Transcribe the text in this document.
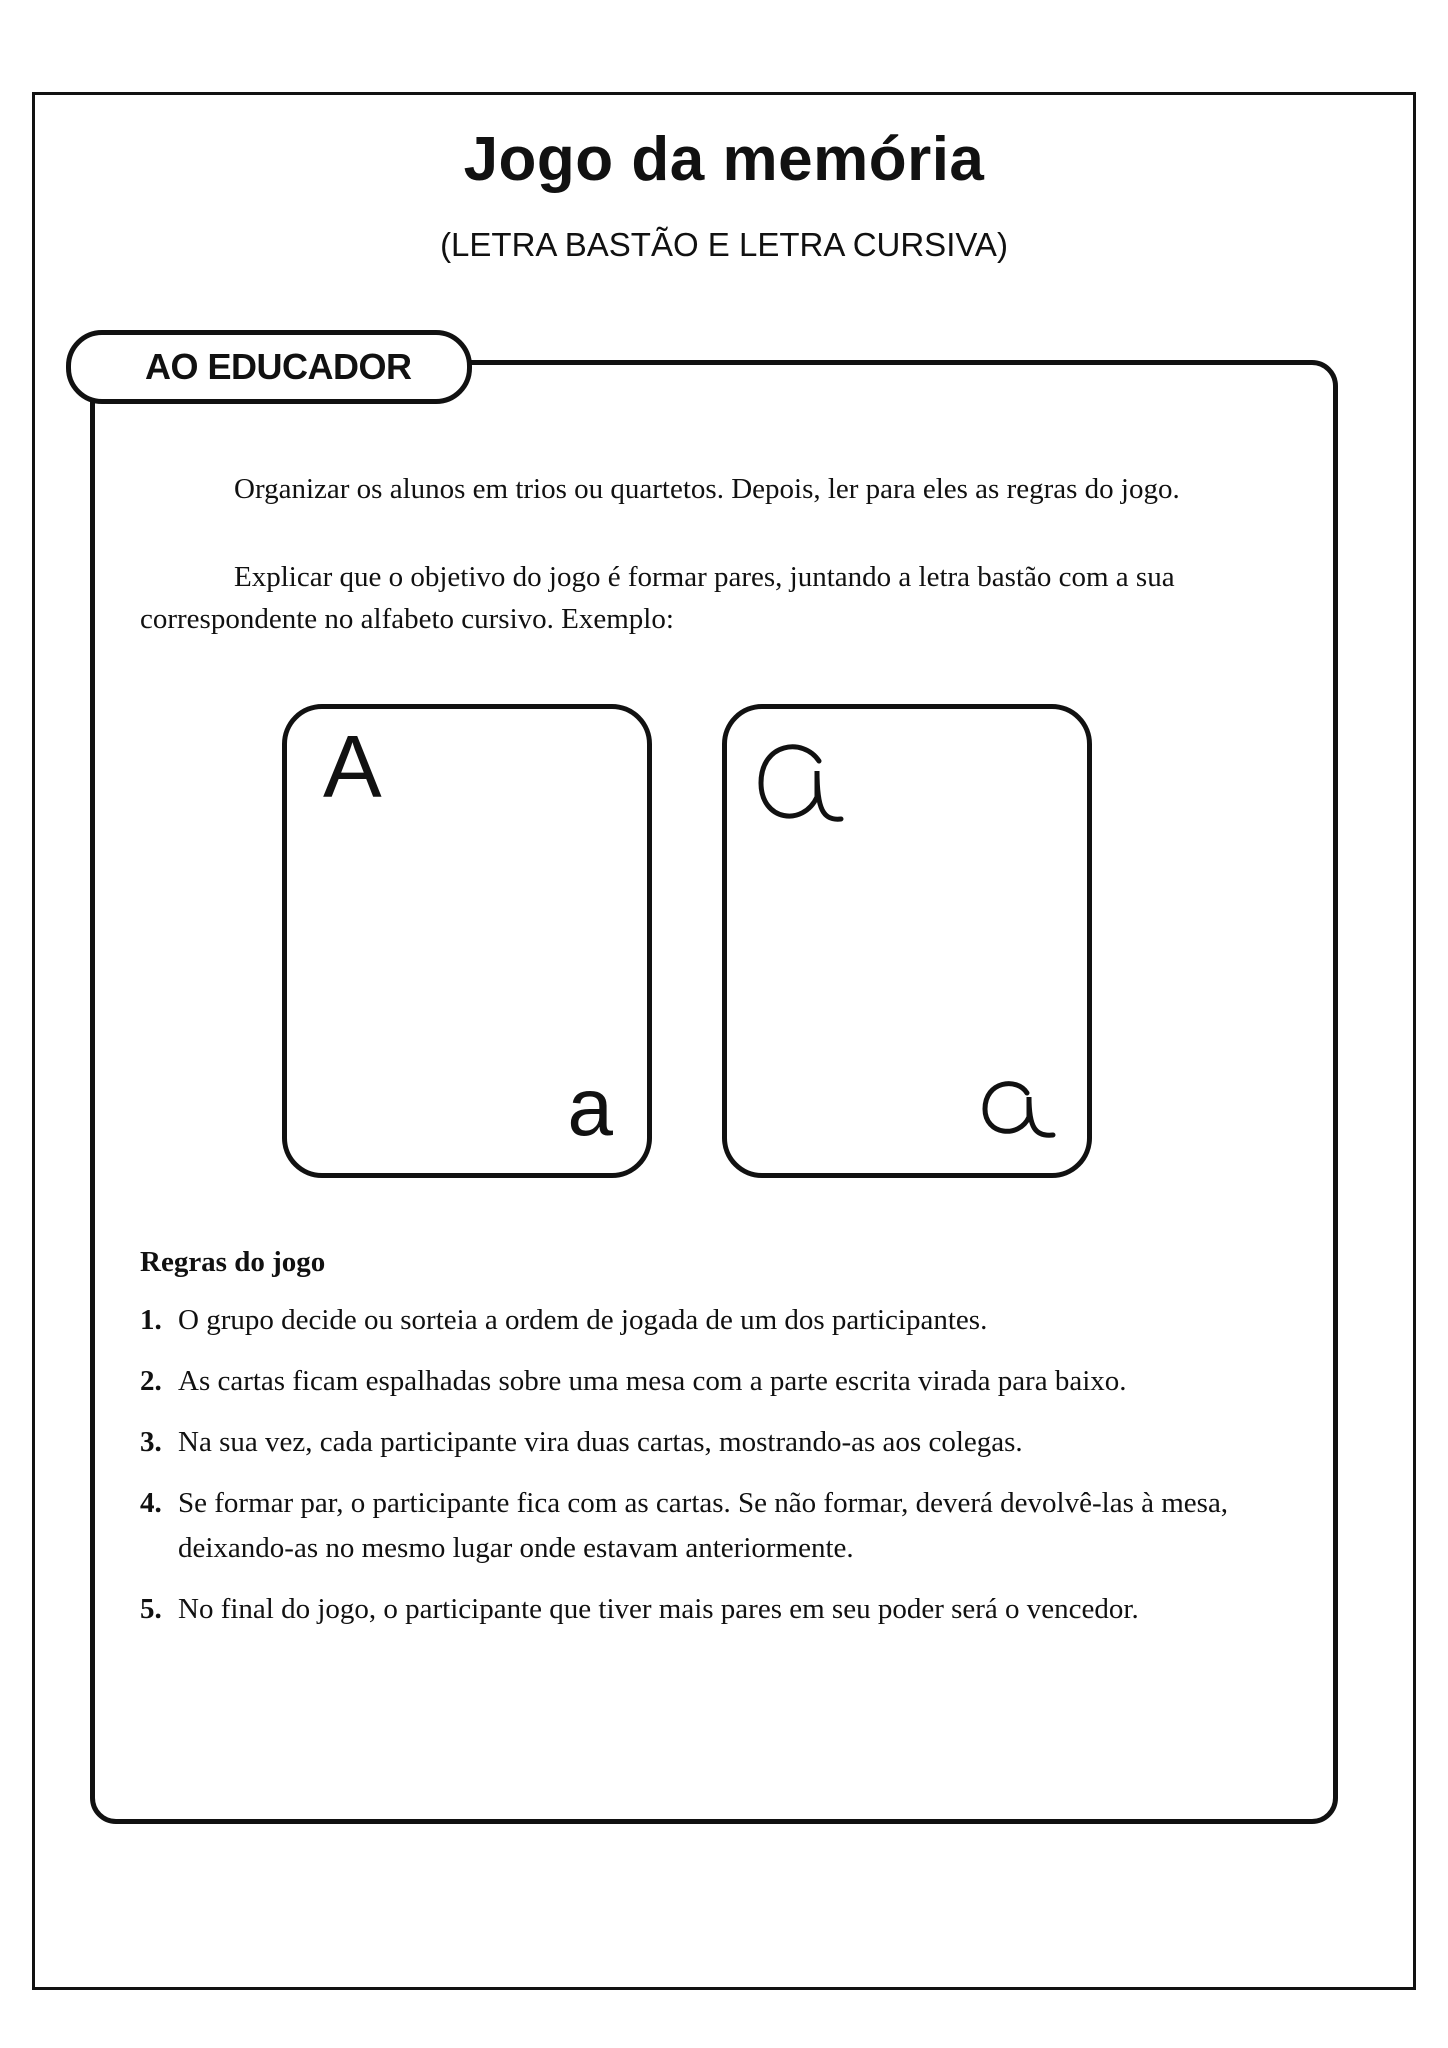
Jogo da memória

(LETRA BASTÃO E LETRA CURSIVA)

AO EDUCADOR

Organizar os alunos em trios ou quartetos. Depois, ler para eles as regras do jogo.

Explicar que o objetivo do jogo é formar pares, juntando a letra bastão com a sua correspondente no alfabeto cursivo. Exemplo:

A
a

Regras do jogo

1. O grupo decide ou sorteia a ordem de jogada de um dos participantes.
2. As cartas ficam espalhadas sobre uma mesa com a parte escrita virada para baixo.
3. Na sua vez, cada participante vira duas cartas, mostrando-as aos colegas.
4. Se formar par, o participante fica com as cartas. Se não formar, deverá devolvê-las à mesa, deixando-as no mesmo lugar onde estavam anteriormente.
5. No final do jogo, o participante que tiver mais pares em seu poder será o vencedor.
